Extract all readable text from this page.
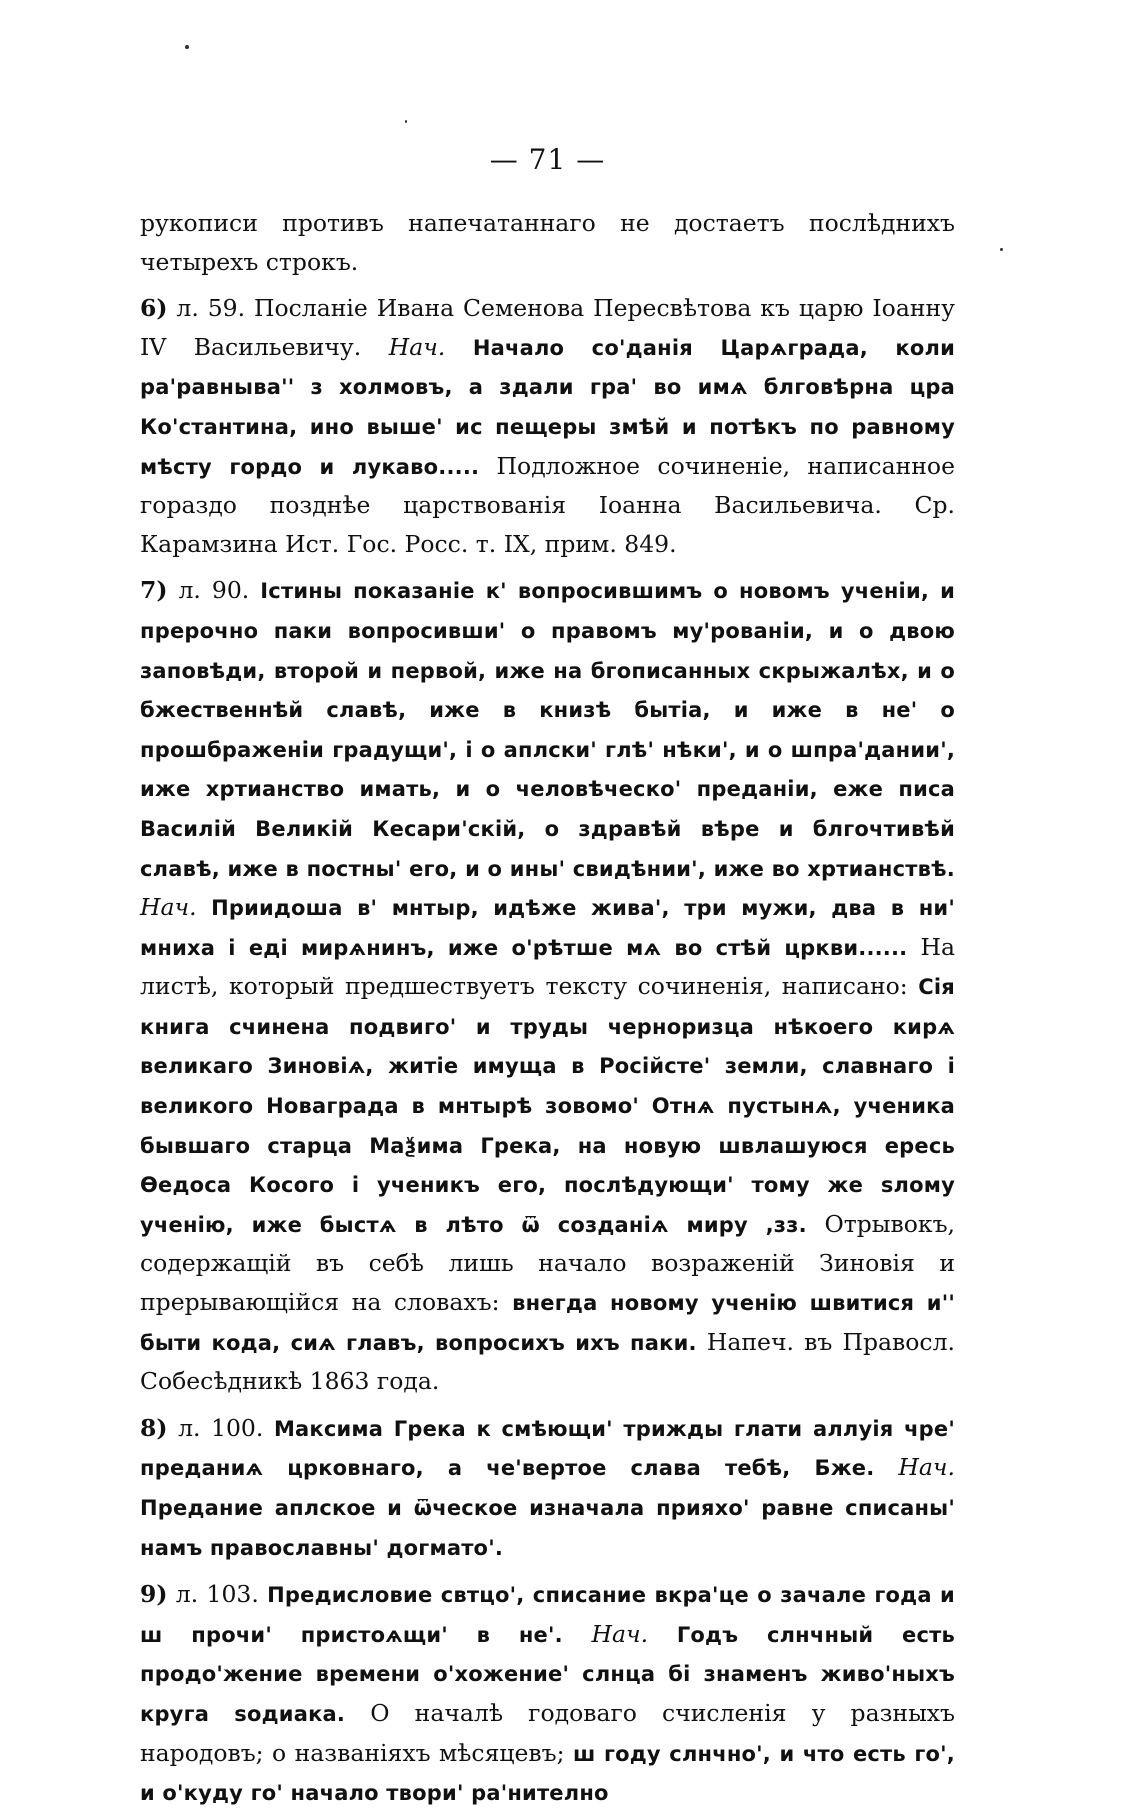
— 71 —

рукописи противъ напечатаннаго не достаетъ послѣднихъ четырехъ строкъ.

6) л. 59. Посланіе Ивана Семенова Пересвѣтова къ царю Іоанну IV Васильевичу. Нач. Начало со'данія Царѧграда, коли ра'равныва'' з холмовъ, а здали гра' во имѧ блговѣрна цра Ко'стантина, ино выше' ис пещеры змѣй и потѣкъ по равному мѣсту гордо и лукаво..... Подложное сочиненіе, написанное гораздо позднѣе царствованія Іоанна Васильевича. Ср. Карамзина Ист. Гос. Росс. т. IX, прим. 849.

7) л. 90. Істины показаніе к' вопросившимъ о новомъ ученіи, и прерочно паки вопросивши' о правомъ му'рованіи, и о двою заповѣди, второй и первой, иже на бгописанных скрыжалѣх, и о бжественнѣй славѣ, иже в книзѣ бытіа, и иже в не' о прошбраженіи градущи', і о аплски' глѣ' нѣки', и о шпра'дании', иже хртианство имать, и о человѣческо' преданіи, еже писа Василій Великій Кесари'скій, о здравѣй вѣре и блгочтивѣй славѣ, иже в постны' его, и о ины' свидѣнии', иже во хртианствѣ. Нач. Приидоша в' мнтыр, идѣже жива', три мужи, два в ни' мниха і еді мирѧнинъ, иже о'рѣтше мѧ во стѣй цркви...... На листѣ, который предшествуетъ тексту сочиненія, написано: Сія книга счинена подвиго' и труды черноризца нѣкоего кирѧ великаго Зиновіѧ, житіе имуща в Російсте' земли, славнаго і великого Новаграда в мнтырѣ зовомо' Отнѧ пустынѧ, ученика бывшаго старца Маѯима Грека, на новую швлашуюся ересь Ѳедоса Косого і ученикъ его, послѣдующи' тому же ѕлому ученію, иже быстѧ в лѣто ѿ созданіѧ миру ,зз. Отрывокъ, содержащій въ себѣ лишь начало возраженій Зиновія и прерывающійся на словахъ: внегда новому ученію швитися и'' быти кода, сиѧ главъ, вопросихъ ихъ паки. Напеч. въ Правосл. Собесѣдникѣ 1863 года.

8) л. 100. Максима Грека к смѣющи' трижды глати аллуія чре' преданиѧ црковнаго, а че'вертое слава тебѣ, Бже. Нач. Предание аплское и ѿческое изначала прияхо' равне списаны' намъ православны' догмато'.

9) л. 103. Предисловие свтцо', списание вкра'це о зачале года и ш прочи' пристоѧщи' в не'. Нач. Годъ слнчный есть продо'жение времени о'хожение' слнца бі знаменъ живо'ныхъ круга ѕодиака. О началѣ годоваго счисленія у разныхъ народовъ; о названіяхъ мѣсяцевъ; ш году слнчно', и что есть го', и о'куду го' начало твори' ра'нително
